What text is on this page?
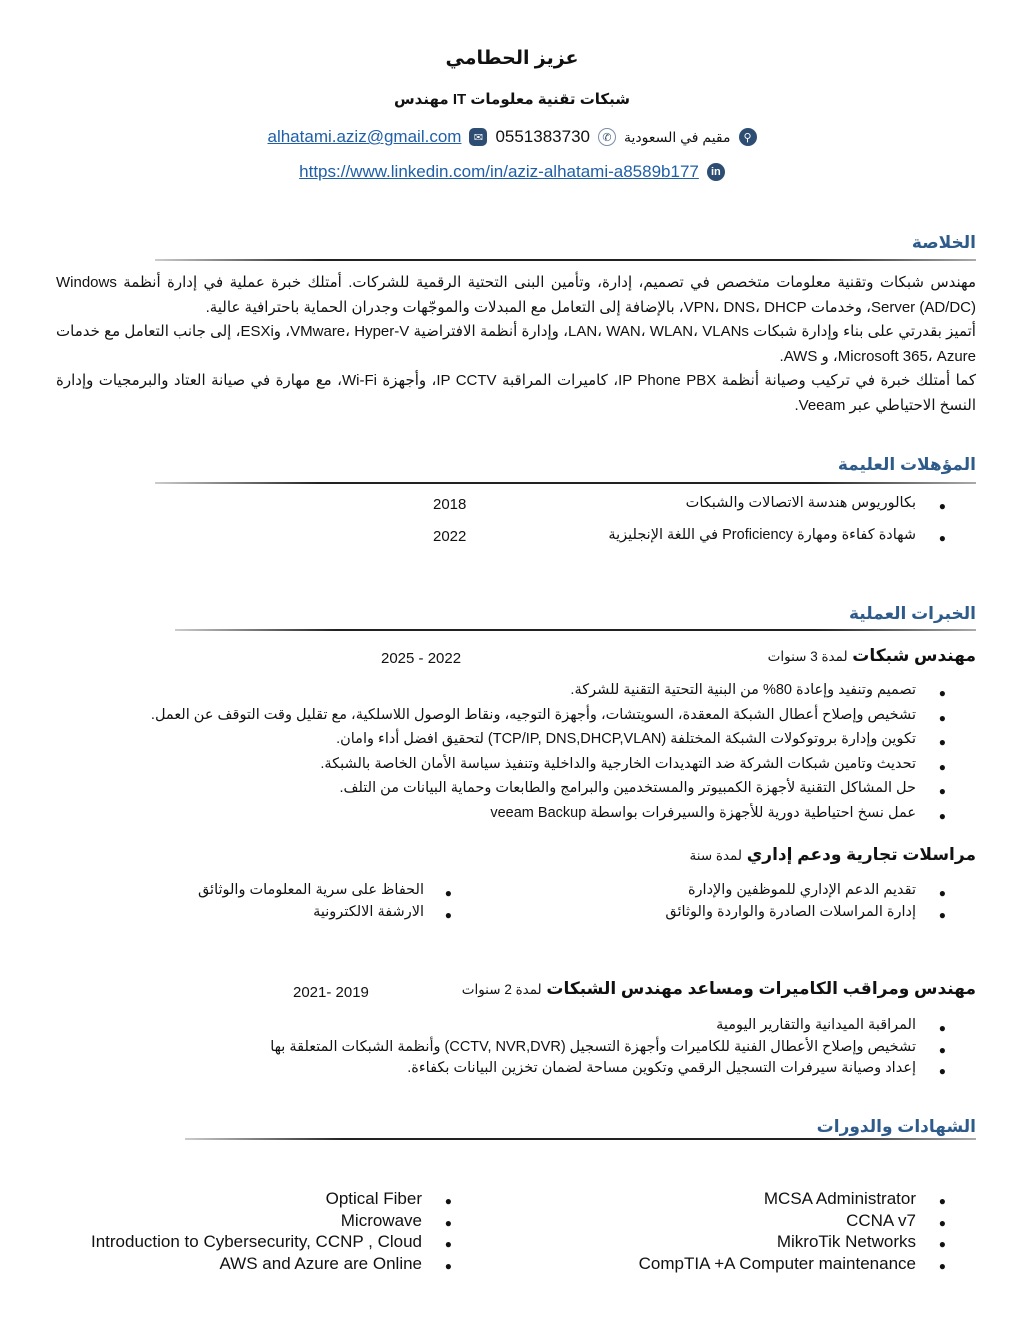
عزيز الحطامي
مهندس IT شبكات تقنية معلومات
⚲
مقيم في السعودية
✆
0551383730
✉
alhatami.aziz@gmail.com
in
https://www.linkedin.com/in/aziz-alhatami-a8589b177
الخلاصة
مهندس شبكات وتقنية معلومات متخصص في تصميم، إدارة، وتأمين البنى التحتية الرقمية للشركات. أمتلك خبرة عملية في إدارة أنظمة Windows Server (AD/DC)، وخدمات VPN، DNS، DHCP، بالإضافة إلى التعامل مع المبدلات والموجّهات وجدران الحماية باحترافية عالية.
أتميز بقدرتي على بناء وإدارة شبكات LAN، WAN، WLAN، VLANs، وإدارة أنظمة الافتراضية VMware، Hyper-V، وESXi، إلى جانب التعامل مع خدمات Microsoft 365، Azure، و AWS.
كما أمتلك خبرة في تركيب وصيانة أنظمة IP Phone PBX، كاميرات المراقبة IP CCTV، وأجهزة Wi-Fi، مع مهارة في صيانة العتاد والبرمجيات وإدارة النسخ الاحتياطي عبر Veeam.
المؤهلات العليمة
●
بكالوريوس هندسة الاتصالات والشبكات
2018
●
شهادة كفاءة ومهارة Proficiency في اللغة الإنجليزية
2022
الخبرات العملية
مهندس شبكات لمدة 3 سنوات
2025 - 2022
●
تصميم وتنفيد وإعادة 80% من البنية التحتية التقنية للشركة.
●
تشخيص وإصلاح أعطال الشبكة المعقدة، السويتشات، وأجهزة التوجيه، ونقاط الوصول اللاسلكية، مع تقليل وقت التوقف عن العمل.
●
تكوين وإدارة بروتوكولات الشبكة المختلفة (TCP/IP, DNS,DHCP,VLAN) لتحقيق افضل أداء وامان.
●
تحديث وتامين شبكات الشركة ضد التهديدات الخارجية والداخلية وتنفيذ سياسة الأمان الخاصة بالشبكة.
●
حل المشاكل التقنية لأجهزة الكمبيوتر والمستخدمين والبرامج والطابعات وحماية البيانات من التلف.
●
عمل نسخ احتياطية دورية للأجهزة والسيرفرات بواسطة veeam Backup
مراسلات تجارية ودعم إداري لمدة سنة
●
تقديم الدعم الإداري للموظفين والإدارة
●
إدارة المراسلات الصادرة والواردة والوثائق
●
الحفاظ على سرية المعلومات والوثائق
●
الارشفة الالكترونية
مهندس ومراقب الكاميرات ومساعد مهندس الشبكات لمدة 2 سنوات
2021- 2019
●
المراقبة الميدانية والتقارير اليومية
●
تشخيص وإصلاح الأعطال الفنية للكاميرات وأجهزة التسجيل (CCTV, NVR,DVR) وأنظمة الشبكات المتعلقة بها
●
إعداد وصيانة سيرفرات التسجيل الرقمي وتكوين مساحة لضمان تخزين البيانات بكفاءة.
الشهادات والدورات
●
MCSA Administrator
●
CCNA v7
●
MikroTik Networks
●
CompTIA +A Computer maintenance
●
Optical Fiber
●
Microwave
●
Introduction to Cybersecurity, CCNP , Cloud
●
AWS and Azure are Online
